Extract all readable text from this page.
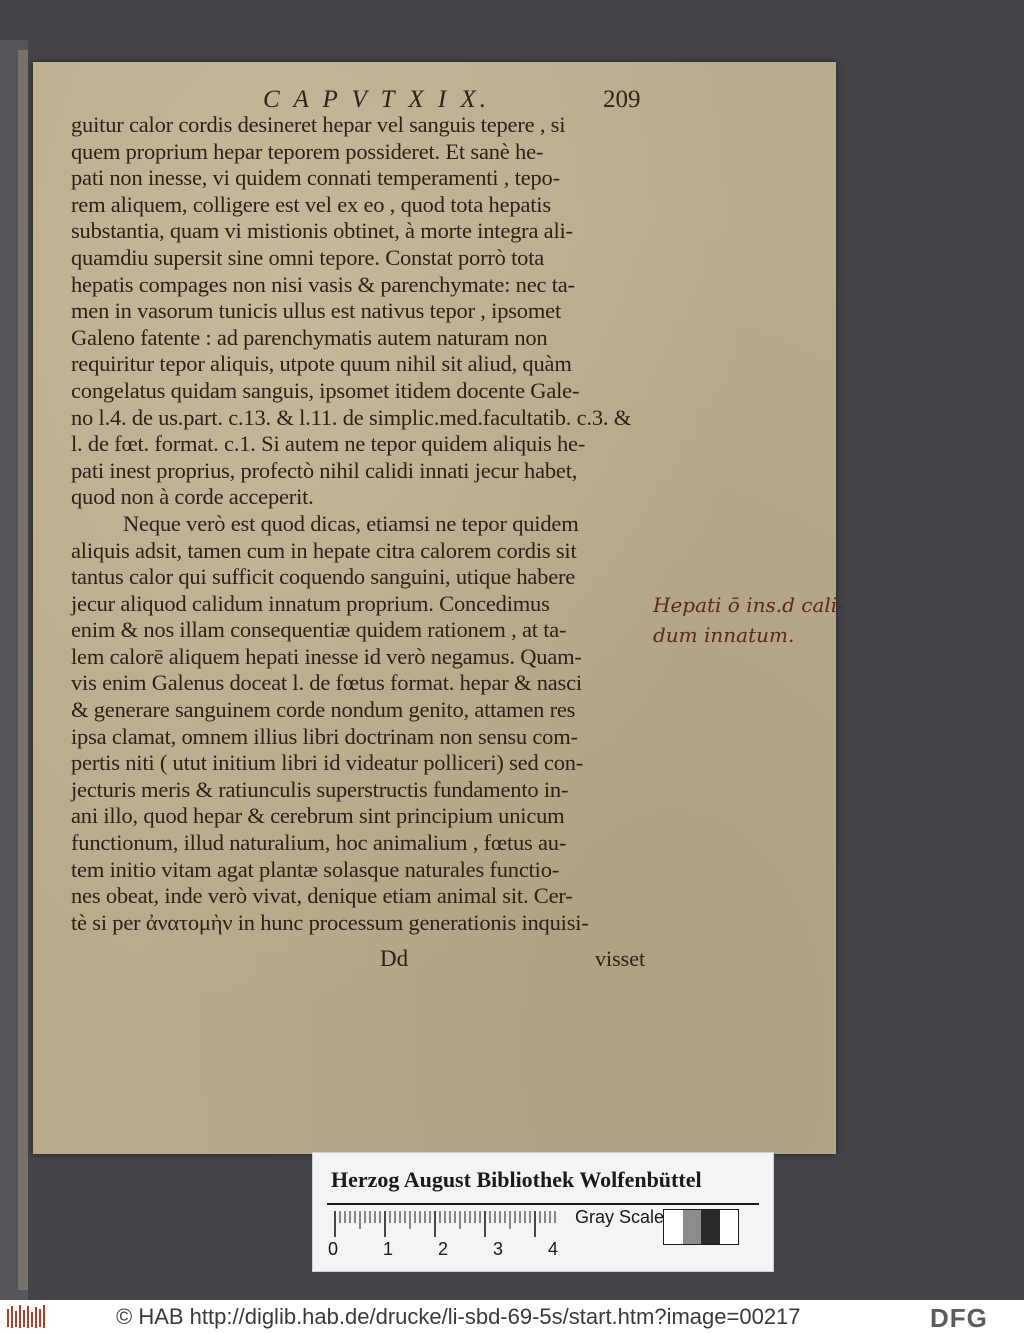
C A P V T X I X.	209
guitur calor cordis desineret hepar vel sanguis tepere , si
quem proprium hepar teporem possideret. Et sanè he-
pati non inesse, vi quidem connati temperamenti , tepo-
rem aliquem, colligere est vel ex eo , quod tota hepatis
substantia, quam vi mistionis obtinet, à morte integra ali-
quamdiu supersit sine omni tepore. Constat porrò tota
hepatis compages non nisi vasis & parenchymate: nec ta-
men in vasorum tunicis ullus est nativus tepor , ipsomet
Galeno fatente : ad parenchymatis autem naturam non
requiritur tepor aliquis, utpote quum nihil sit aliud, quàm
congelatus quidam sanguis, ipsomet itidem docente Gale-
no l.4. de us.part. c.13. & l.11. de simplic.med.facultatib. c.3. &
l. de fœt. format. c.1. Si autem ne tepor quidem aliquis he-
pati inest proprius, profectò nihil calidi innati jecur habet,
quod non à corde acceperit.
Neque verò est quod dicas, etiamsi ne tepor quidem
aliquis adsit, tamen cum in hepate citra calorem cordis sit
tantus calor qui sufficit coquendo sanguini, utique habere
jecur aliquod calidum innatum proprium. Concedimus
enim & nos illam consequentiæ quidem rationem , at ta-
lem calorē aliquem hepati inesse id verò negamus. Quam-
vis enim Galenus doceat l. de fœtus format. hepar & nasci
& generare sanguinem corde nondum genito, attamen res
ipsa clamat, omnem illius libri doctrinam non sensu com-
pertis niti ( utut initium libri id videatur polliceri) sed con-
jecturis meris & ratiunculis superstructis fundamento in-
ani illo, quod hepar & cerebrum sint principium unicum
functionum, illud naturalium, hoc animalium , fœtus au-
tem initio vitam agat plantæ solasque naturales functio-
nes obeat, inde verò vivat, denique etiam animal sit. Cer-
tè si per ἀνατομὴν in hunc processum generationis inquisi-
Dd	visset
Hepati ō ins.d cali-
dum innatum.
Herzog August Bibliothek Wolfenbüttel
0 1 2 3 4
Gray Scale
© HAB http://diglib.hab.de/drucke/li-sbd-69-5s/start.htm?image=00217	DFG
